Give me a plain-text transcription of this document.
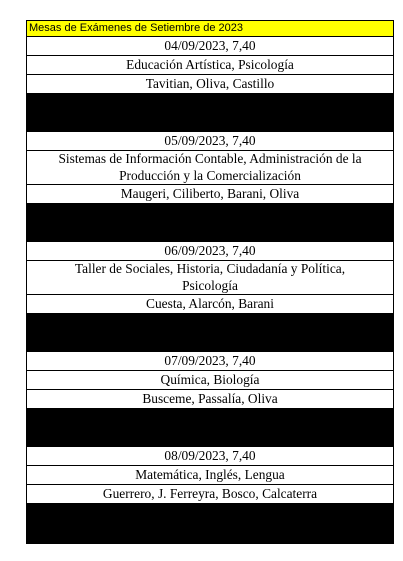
Mesas de Exámenes de Setiembre de 2023
04/09/2023, 7,40
Educación Artística, Psicología
Tavitian, Oliva, Castillo
05/09/2023, 7,40
Sistemas de Información Contable, Administración de la
Producción y la Comercialización
Maugeri, Ciliberto, Barani, Oliva
06/09/2023, 7,40
Taller de Sociales, Historia, Ciudadanía y Política,
Psicología
Cuesta, Alarcón, Barani
07/09/2023, 7,40
Química, Biología
Busceme, Passalía, Oliva
08/09/2023, 7,40
Matemática, Inglés, Lengua
Guerrero, J. Ferreyra, Bosco, Calcaterra
